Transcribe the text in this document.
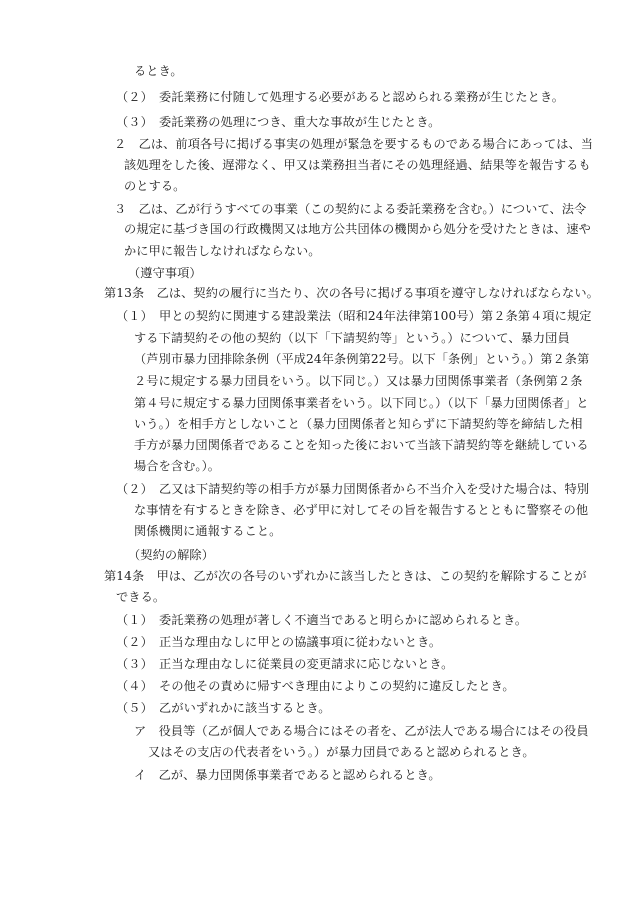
るとき。
（２）　委託業務に付随して処理する必要があると認められる業務が生じたとき。
（３）　委託業務の処理につき、重大な事故が生じたとき。
２　乙は、前項各号に掲げる事実の処理が緊急を要するものである場合にあっては、当
該処理をした後、遅滞なく、甲又は業務担当者にその処理経過、結果等を報告するも
のとする。
３　乙は、乙が行うすべての事業（この契約による委託業務を含む。）について、法令
の規定に基づき国の行政機関又は地方公共団体の機関から処分を受けたときは、速や
かに甲に報告しなければならない。
（遵守事項）
第13条　乙は、契約の履行に当たり、次の各号に掲げる事項を遵守しなければならない。
（１）　甲との契約に関連する建設業法（昭和24年法律第100号）第２条第４項に規定
する下請契約その他の契約（以下「下請契約等」という。）について、暴力団員
（芦別市暴力団排除条例（平成24年条例第22号。以下「条例」という。）第２条第
２号に規定する暴力団員をいう。以下同じ。）又は暴力団関係事業者（条例第２条
第４号に規定する暴力団関係事業者をいう。以下同じ。）（以下「暴力団関係者」と
いう。）を相手方としないこと（暴力団関係者と知らずに下請契約等を締結した相
手方が暴力団関係者であることを知った後において当該下請契約等を継続している
場合を含む。）。
（２）　乙又は下請契約等の相手方が暴力団関係者から不当介入を受けた場合は、特別
な事情を有するときを除き、必ず甲に対してその旨を報告するとともに警察その他
関係機関に通報すること。
（契約の解除）
第14条　甲は、乙が次の各号のいずれかに該当したときは、この契約を解除することが
できる。
（１）　委託業務の処理が著しく不適当であると明らかに認められるとき。
（２）　正当な理由なしに甲との協議事項に従わないとき。
（３）　正当な理由なしに従業員の変更請求に応じないとき。
（４）　その他その責めに帰すべき理由によりこの契約に違反したとき。
（５）　乙がいずれかに該当するとき。
ア　役員等（乙が個人である場合にはその者を、乙が法人である場合にはその役員
又はその支店の代表者をいう。）が暴力団員であると認められるとき。
イ　乙が、暴力団関係事業者であると認められるとき。
